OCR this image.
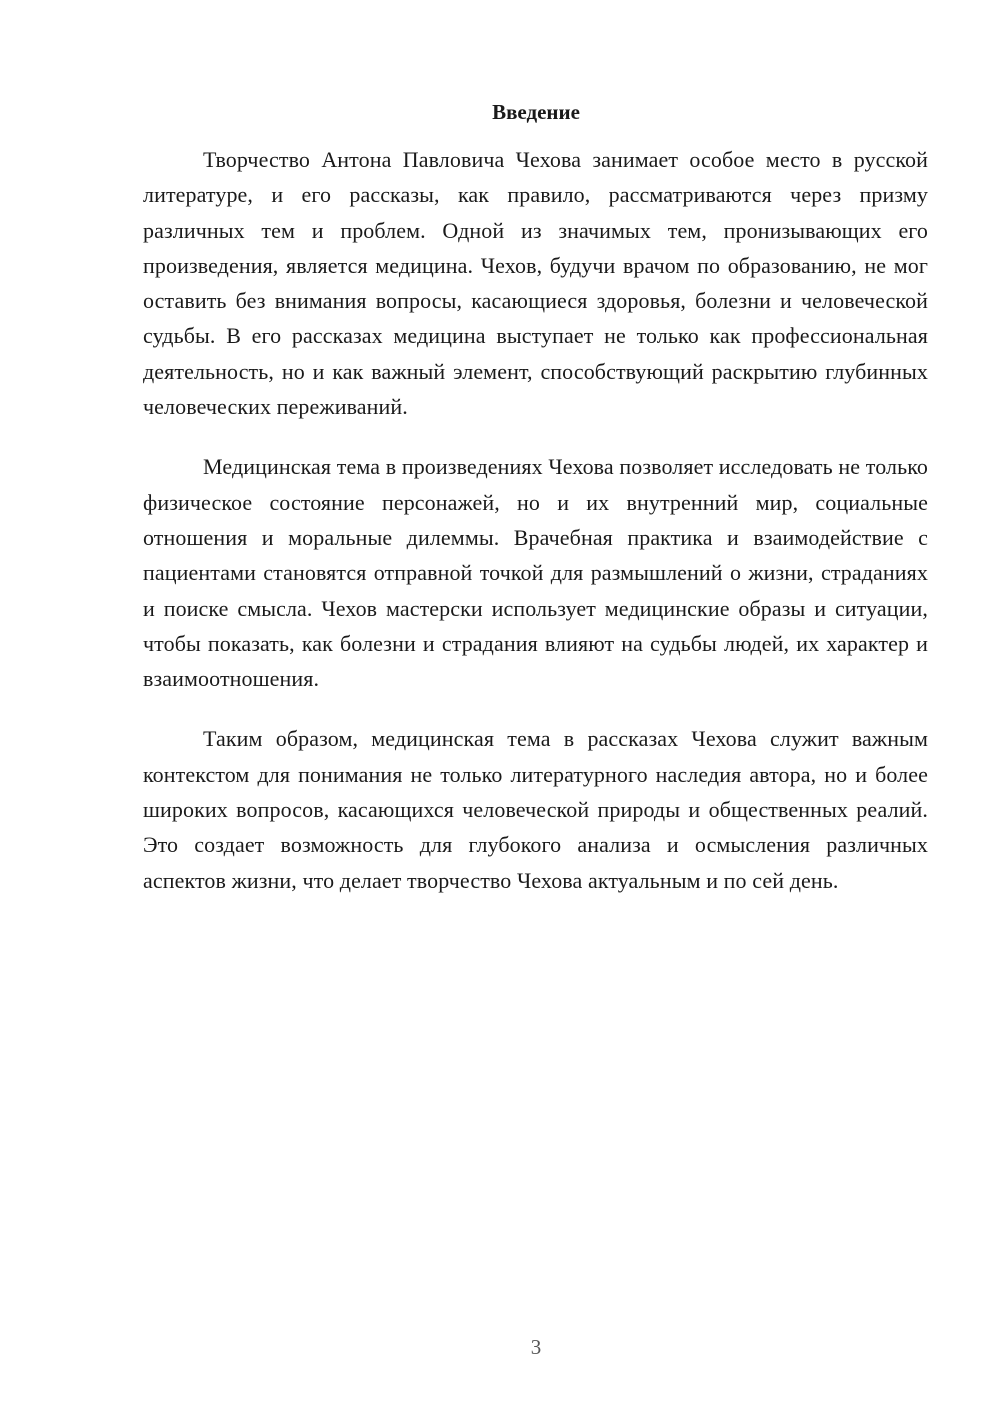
Введение

Творчество Антона Павловича Чехова занимает особое место в русской литературе, и его рассказы, как правило, рассматриваются через призму различных тем и проблем. Одной из значимых тем, пронизывающих его произведения, является медицина. Чехов, будучи врачом по образованию, не мог оставить без внимания вопросы, касающиеся здоровья, болезни и человеческой судьбы. В его рассказах медицина выступает не только как профессиональная деятельность, но и как важный элемент, способствующий раскрытию глубинных человеческих переживаний.

Медицинская тема в произведениях Чехова позволяет исследовать не только физическое состояние персонажей, но и их внутренний мир, социальные отношения и моральные дилеммы. Врачебная практика и взаимодействие с пациентами становятся отправной точкой для размышлений о жизни, страданиях и поиске смысла. Чехов мастерски использует медицинские образы и ситуации, чтобы показать, как болезни и страдания влияют на судьбы людей, их характер и взаимоотношения.

Таким образом, медицинская тема в рассказах Чехова служит важным контекстом для понимания не только литературного наследия автора, но и более широких вопросов, касающихся человеческой природы и общественных реалий. Это создает возможность для глубокого анализа и осмысления различных аспектов жизни, что делает творчество Чехова актуальным и по сей день.

3
